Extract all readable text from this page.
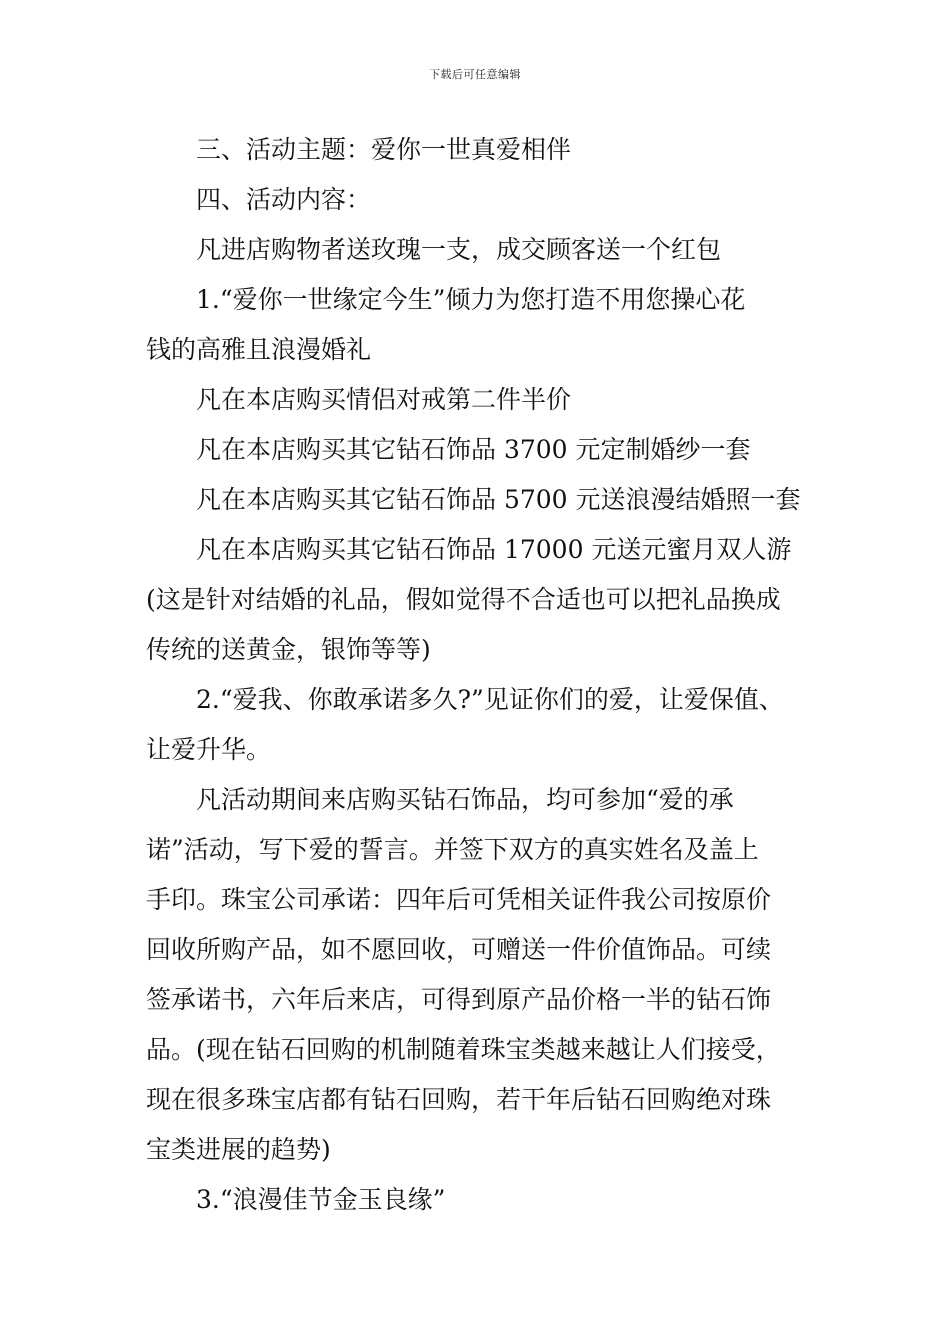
下载后可任意编辑
三、活动主题：爱你一世真爱相伴
四、活动内容：
凡进店购物者送玫瑰一支，成交顾客送一个红包
1.“爱你一世缘定今生”倾力为您打造不用您操心花
钱的高雅且浪漫婚礼
凡在本店购买情侣对戒第二件半价
凡在本店购买其它钻石饰品 3700 元定制婚纱一套
凡在本店购买其它钻石饰品 5700 元送浪漫结婚照一套
凡在本店购买其它钻石饰品 17000 元送元蜜月双人游
(这是针对结婚的礼品，假如觉得不合适也可以把礼品换成
传统的送黄金，银饰等等)
2.“爱我、你敢承诺多久?”见证你们的爱，让爱保值、
让爱升华。
凡活动期间来店购买钻石饰品，均可参加“爱的承
诺”活动，写下爱的誓言。并签下双方的真实姓名及盖上
手印。珠宝公司承诺：四年后可凭相关证件我公司按原价
回收所购产品，如不愿回收，可赠送一件价值饰品。可续
签承诺书，六年后来店，可得到原产品价格一半的钻石饰
品。(现在钻石回购的机制随着珠宝类越来越让人们接受，
现在很多珠宝店都有钻石回购，若干年后钻石回购绝对珠
宝类进展的趋势)
3.“浪漫佳节金玉良缘”
